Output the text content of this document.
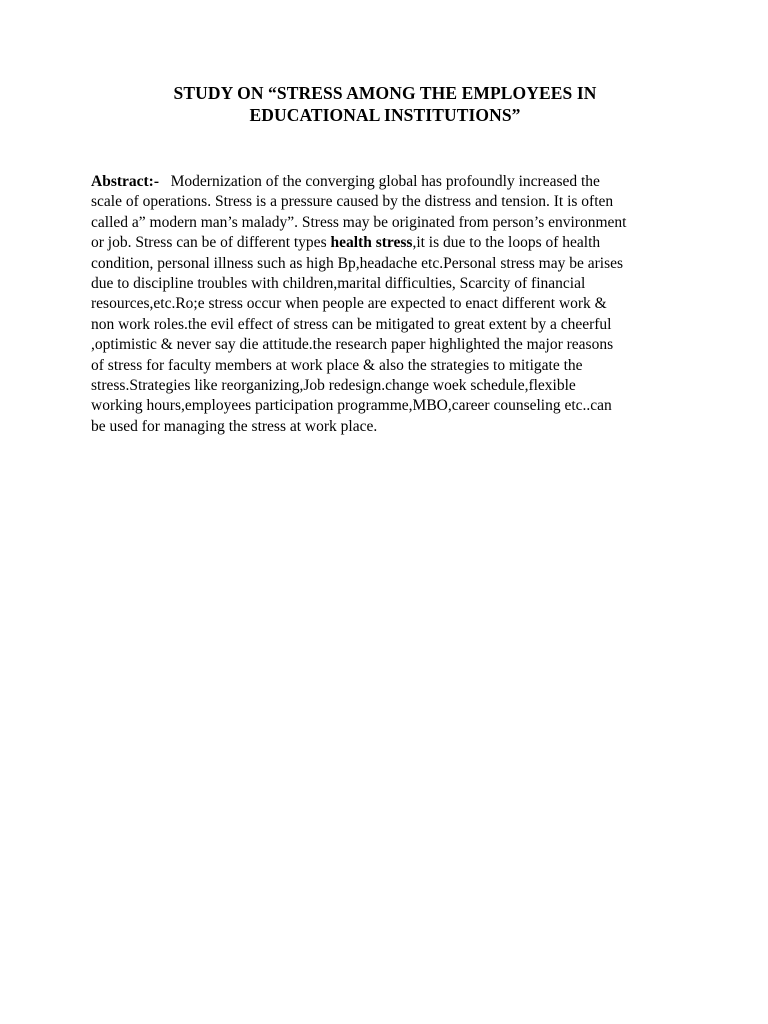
STUDY ON “STRESS AMONG THE EMPLOYEES IN
EDUCATIONAL INSTITUTIONS”

Abstract:- Modernization of the converging global has profoundly increased the
scale of operations. Stress is a pressure caused by the distress and tension. It is often
called a” modern man’s malady”. Stress may be originated from person’s environment
or job. Stress can be of different types health stress,it is due to the loops of health
condition, personal illness such as high Bp,headache etc.Personal stress may be arises
due to discipline troubles with children,marital difficulties, Scarcity of financial
resources,etc.Ro;e stress occur when people are expected to enact different work &
non work roles.the evil effect of stress can be mitigated to great extent by a cheerful
,optimistic & never say die attitude.the research paper highlighted the major reasons
of stress for faculty members at work place & also the strategies to mitigate the
stress.Strategies like reorganizing,Job redesign.change woek schedule,flexible
working hours,employees participation programme,MBO,career counseling etc..can
be used for managing the stress at work place.
